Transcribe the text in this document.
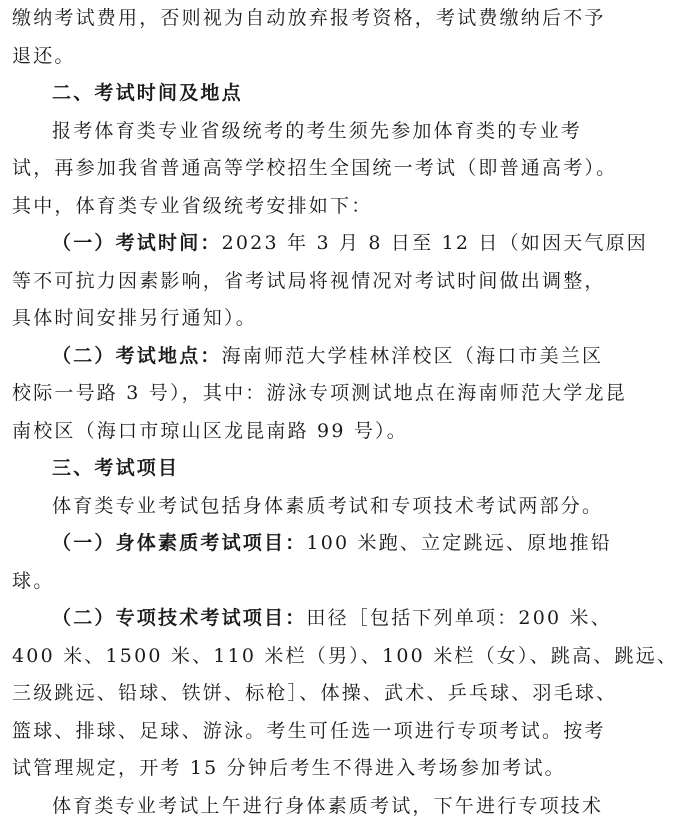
缴纳考试费用，否则视为自动放弃报考资格，考试费缴纳后不予
退还。
二、考试时间及地点
报考体育类专业省级统考的考生须先参加体育类的专业考
试，再参加我省普通高等学校招生全国统一考试（即普通高考）。
其中，体育类专业省级统考安排如下：
（一）考试时间：2023 年 3 月 8 日至 12 日（如因天气原因
等不可抗力因素影响，省考试局将视情况对考试时间做出调整，
具体时间安排另行通知）。
（二）考试地点：海南师范大学桂林洋校区（海口市美兰区
校际一号路 3 号），其中：游泳专项测试地点在海南师范大学龙昆
南校区（海口市琼山区龙昆南路 99 号）。
三、考试项目
体育类专业考试包括身体素质考试和专项技术考试两部分。
（一）身体素质考试项目：100 米跑、立定跳远、原地推铅
球。
（二）专项技术考试项目：田径［包括下列单项：200 米、
400 米、1500 米、110 米栏（男）、100 米栏（女）、跳高、跳远、
三级跳远、铅球、铁饼、标枪］、体操、武术、乒乓球、羽毛球、
篮球、排球、足球、游泳。考生可任选一项进行专项考试。按考
试管理规定，开考 15 分钟后考生不得进入考场参加考试。
体育类专业考试上午进行身体素质考试，下午进行专项技术
